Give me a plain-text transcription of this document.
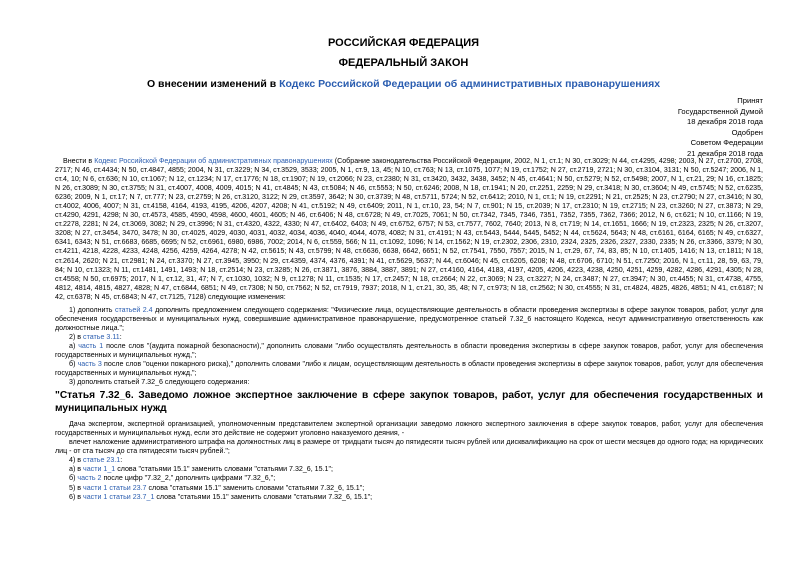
РОССИЙСКАЯ ФЕДЕРАЦИЯ
ФЕДЕРАЛЬНЫЙ ЗАКОН
О внесении изменений в Кодекс Российской Федерации об административных правонарушениях
Принят
Государственной Думой
18 декабря 2018 года
Одобрен
Советом Федерации
21 декабря 2018 года

Внести в Кодекс Российской Федерации об административных правонарушениях (Собрание законодательства Российской Федерации, 2002, N 1, ст.1; N 30, ст.3029; N 44, ст.4295, 4298; 2003, N 27, ст.2700, 2708, 2717; N 46, ст.4434; N 50, ст.4847, 4855; 2004, N 31, ст.3229; N 34, ст.3529, 3533; 2005, N 1, ст.9, 13, 45; N 10, ст.763; N 13, ст.1075, 1077; N 19, ст.1752; N 27, ст.2719, 2721; N 30, ст.3104, 3131; N 50, ст.5247; 2006, N 1, ст.4, 10; N 6, ст.636; N 10, ст.1067; N 12, ст.1234; N 17, ст.1776; N 18, ст.1907; N 19, ст.2066; N 23, ст.2380; N 31, ст.3420, 3432, 3438, 3452; N 45, ст.4641; N 50, ст.5279; N 52, ст.5498; 2007, N 1, ст.21, 29; N 16, ст.1825; N 26, ст.3089; N 30, ст.3755; N 31, ст.4007, 4008, 4009, 4015; N 41, ст.4845; N 43, ст.5084; N 46, ст.5553; N 50, ст.6246; 2008, N 18, ст.1941; N 20, ст.2251, 2259; N 29, ст.3418; N 30, ст.3604; N 49, ст.5745; N 52, ст.6235, 6236; 2009, N 1, ст.17; N 7, ст.777; N 23, ст.2759; N 26, ст.3120, 3122; N 29, ст.3597, 3642; N 30, ст.3739; N 48, ст.5711, 5724; N 52, ст.6412; 2010, N 1, ст.1; N 19, ст.2291; N 21, ст.2525; N 23, ст.2790; N 27, ст.3416; N 30, ст.4002, 4006, 4007; N 31, ст.4158, 4164, 4193, 4195, 4206, 4207, 4208; N 41, ст.5192; N 49, ст.6409; 2011, N 1, ст.10, 23, 54; N 7, ст.901; N 15, ст.2039; N 17, ст.2310; N 19, ст.2715; N 23, ст.3260; N 27, ст.3873; N 29, ст.4290, 4291, 4298; N 30, ст.4573, 4585, 4590, 4598, 4600, 4601, 4605; N 46, ст.6406; N 48, ст.6728; N 49, ст.7025, 7061; N 50, ст.7342, 7345, 7346, 7351, 7352, 7355, 7362, 7366; 2012, N 6, ст.621; N 10, ст.1166; N 19, ст.2278, 2281; N 24, ст.3069, 3082; N 29, ст.3996; N 31, ст.4320, 4322, 4330; N 47, ст.6402, 6403; N 49, ст.6752, 6757; N 53, ст.7577, 7602, 7640; 2013, N 8, ст.719; N 14, ст.1651, 1666; N 19, ст.2323, 2325; N 26, ст.3207, 3208; N 27, ст.3454, 3470, 3478; N 30, ст.4025, 4029, 4030, 4031, 4032, 4034, 4036, 4040, 4044, 4078, 4082; N 31, ст.4191; N 43, ст.5443, 5444, 5445, 5452; N 44, ст.5624, 5643; N 48, ст.6161, 6164, 6165; N 49, ст.6327, 6341, 6343; N 51, ст.6683, 6685, 6695; N 52, ст.6961, 6980, 6986, 7002; 2014, N 6, ст.559, 566; N 11, ст.1092, 1096; N 14, ст.1562; N 19, ст.2302, 2306, 2310, 2324, 2325, 2326, 2327, 2330, 2335; N 26, ст.3366, 3379; N 30, ст.4211, 4218, 4228, 4233, 4248, 4256, 4259, 4264, 4278; N 42, ст.5615; N 43, ст.5799; N 48, ст.6636, 6638, 6642, 6651; N 52, ст.7541, 7550, 7557; 2015, N 1, ст.29, 67, 74, 83, 85; N 10, ст.1405, 1416; N 13, ст.1811; N 18, ст.2614, 2620; N 21, ст.2981; N 24, ст.3370; N 27, ст.3945, 3950; N 29, ст.4359, 4374, 4376, 4391; N 41, ст.5629, 5637; N 44, ст.6046; N 45, ст.6205, 6208; N 48, ст.6706, 6710; N 51, ст.7250; 2016, N 1, ст.11, 28, 59, 63, 79, 84; N 10, ст.1323; N 11, ст.1481, 1491, 1493; N 18, ст.2514; N 23, ст.3285; N 26, ст.3871, 3876, 3884, 3887, 3891; N 27, ст.4160, 4164, 4183, 4197, 4205, 4206, 4223, 4238, 4250, 4251, 4259, 4282, 4286, 4291, 4305; N 28, ст.4558; N 50, ст.6975; 2017, N 1, ст.12, 31, 47; N 7, ст.1030, 1032; N 9, ст.1278; N 11, ст.1535; N 17, ст.2457; N 18, ст.2664; N 22, ст.3069; N 23, ст.3227; N 24, ст.3487; N 27, ст.3947; N 30, ст.4455; N 31, ст.4738, 4755, 4812, 4814, 4815, 4827, 4828; N 47, ст.6844, 6851; N 49, ст.7308; N 50, ст.7562; N 52, ст.7919, 7937; 2018, N 1, ст.21, 30, 35, 48; N 7, ст.973; N 18, ст.2562; N 30, ст.4555; N 31, ст.4824, 4825, 4826, 4851; N 41, ст.6187; N 42, ст.6378; N 45, ст.6843; N 47, ст.7125, 7128) следующие изменения:

1) дополнить статьей 2.4 дополнить предложением следующего содержания: "Физические лица, осуществляющие деятельность в области проведения экспертизы в сфере закупок товаров, работ, услуг для обеспечения государственных и муниципальных нужд, совершившие административное правонарушение, предусмотренное статьей 7.32_6 настоящего Кодекса, несут административную ответственность как должностные лица.";

2) в статье 3.11:

а) часть 1 после слов "(аудита пожарной безопасности)," дополнить словами "либо осуществлять деятельность в области проведения экспертизы в сфере закупок товаров, работ, услуг для обеспечения государственных и муниципальных нужд,";

б) часть 3 после слов "оценки пожарного риска)," дополнить словами "либо к лицам, осуществляющим деятельность в области проведения экспертизы в сфере закупок товаров, работ, услуг для обеспечения государственных и муниципальных нужд,";

3) дополнить статьей 7.32_6 следующего содержания:

"Статья 7.32_6. Заведомо ложное экспертное заключение в сфере закупок товаров, работ, услуг для обеспечения государственных и муниципальных нужд

Дача экспертом, экспертной организацией, уполномоченным представителем экспертной организации заведомо ложного экспертного заключения в сфере закупок товаров, работ, услуг для обеспечения государственных и муниципальных нужд, если это действие не содержит уголовно наказуемого деяния, -

влечет наложение административного штрафа на должностных лиц в размере от тридцати тысяч до пятидесяти тысяч рублей или дисквалификацию на срок от шести месяцев до одного года; на юридических лиц - от ста тысяч до ста пятидесяти тысяч рублей.";

4) в статье 23.1:

а) в части 1_1 слова "статьями 15.1" заменить словами "статьями 7.32_6, 15.1";

б) часть 2 после цифр "7.32_2," дополнить цифрами "7.32_6,";

5) в части 1 статьи 23.7 слова "статьями 15.1" заменить словами "статьями 7.32_6, 15.1";

6) в части 1 статьи 23.7_1 слова "статьями 15.1" заменить словами "статьями 7.32_6, 15.1";
